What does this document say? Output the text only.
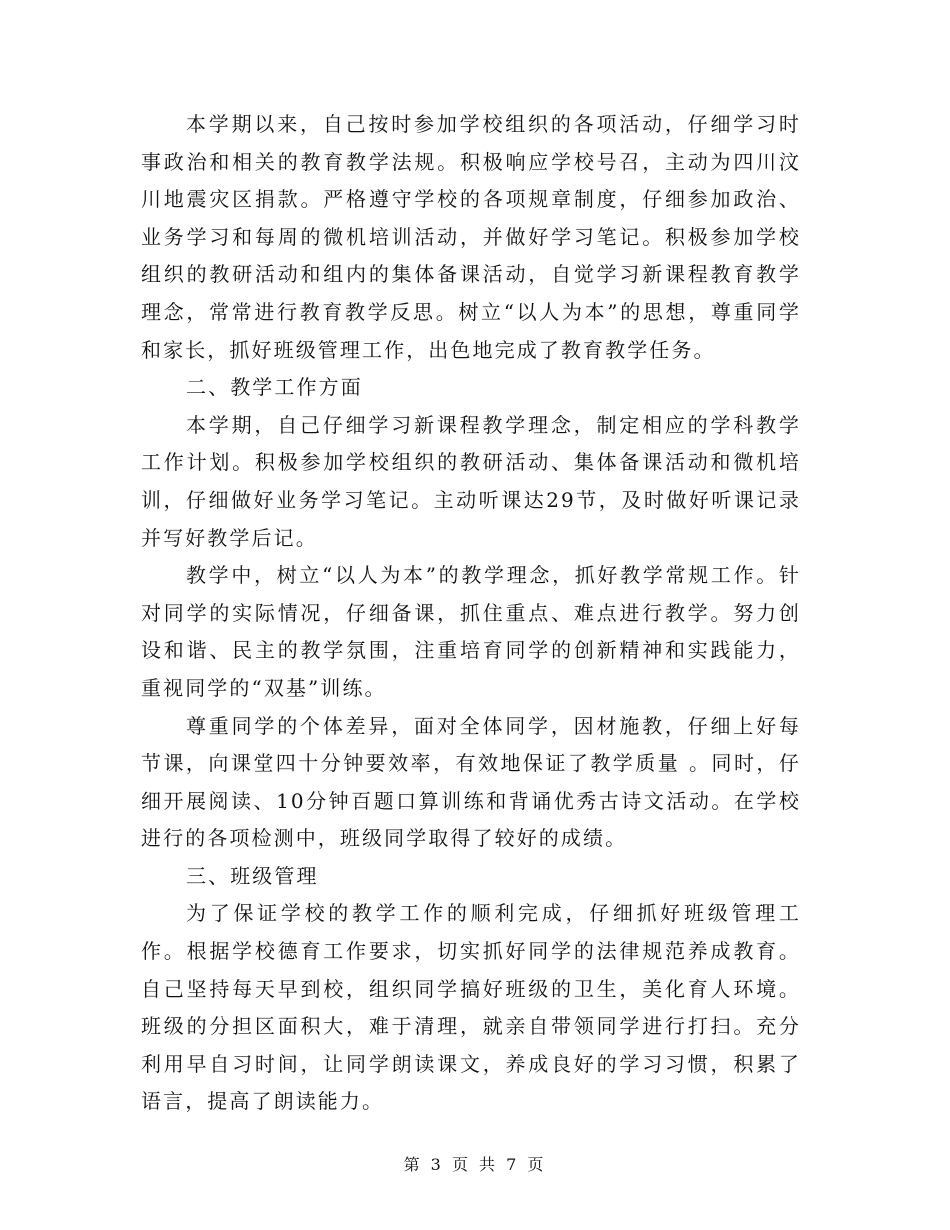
本学期以来，自己按时参加学校组织的各项活动，仔细学习时事政治和相关的教育教学法规。积极响应学校号召，主动为四川汶川地震灾区捐款。严格遵守学校的各项规章制度，仔细参加政治、业务学习和每周的微机培训活动，并做好学习笔记。积极参加学校组织的教研活动和组内的集体备课活动，自觉学习新课程教育教学理念，常常进行教育教学反思。树立“以人为本”的思想，尊重同学和家长，抓好班级管理工作，出色地完成了教育教学任务。

二、教学工作方面

本学期，自己仔细学习新课程教学理念，制定相应的学科教学工作计划。积极参加学校组织的教研活动、集体备课活动和微机培训，仔细做好业务学习笔记。主动听课达29节，及时做好听课记录并写好教学后记。

教学中，树立“以人为本”的教学理念，抓好教学常规工作。针对同学的实际情况，仔细备课，抓住重点、难点进行教学。努力创设和谐、民主的教学氛围，注重培育同学的创新精神和实践能力，重视同学的“双基”训练。

尊重同学的个体差异，面对全体同学，因材施教，仔细上好每节课，向课堂四十分钟要效率，有效地保证了教学质量 。同时，仔细开展阅读、10分钟百题口算训练和背诵优秀古诗文活动。在学校进行的各项检测中，班级同学取得了较好的成绩。

三、班级管理

为了保证学校的教学工作的顺利完成，仔细抓好班级管理工作。根据学校德育工作要求，切实抓好同学的法律规范养成教育。自己坚持每天早到校，组织同学搞好班级的卫生，美化育人环境。班级的分担区面积大，难于清理，就亲自带领同学进行打扫。充分利用早自习时间，让同学朗读课文，养成良好的学习习惯，积累了语言，提高了朗读能力。

第 3 页 共 7 页
